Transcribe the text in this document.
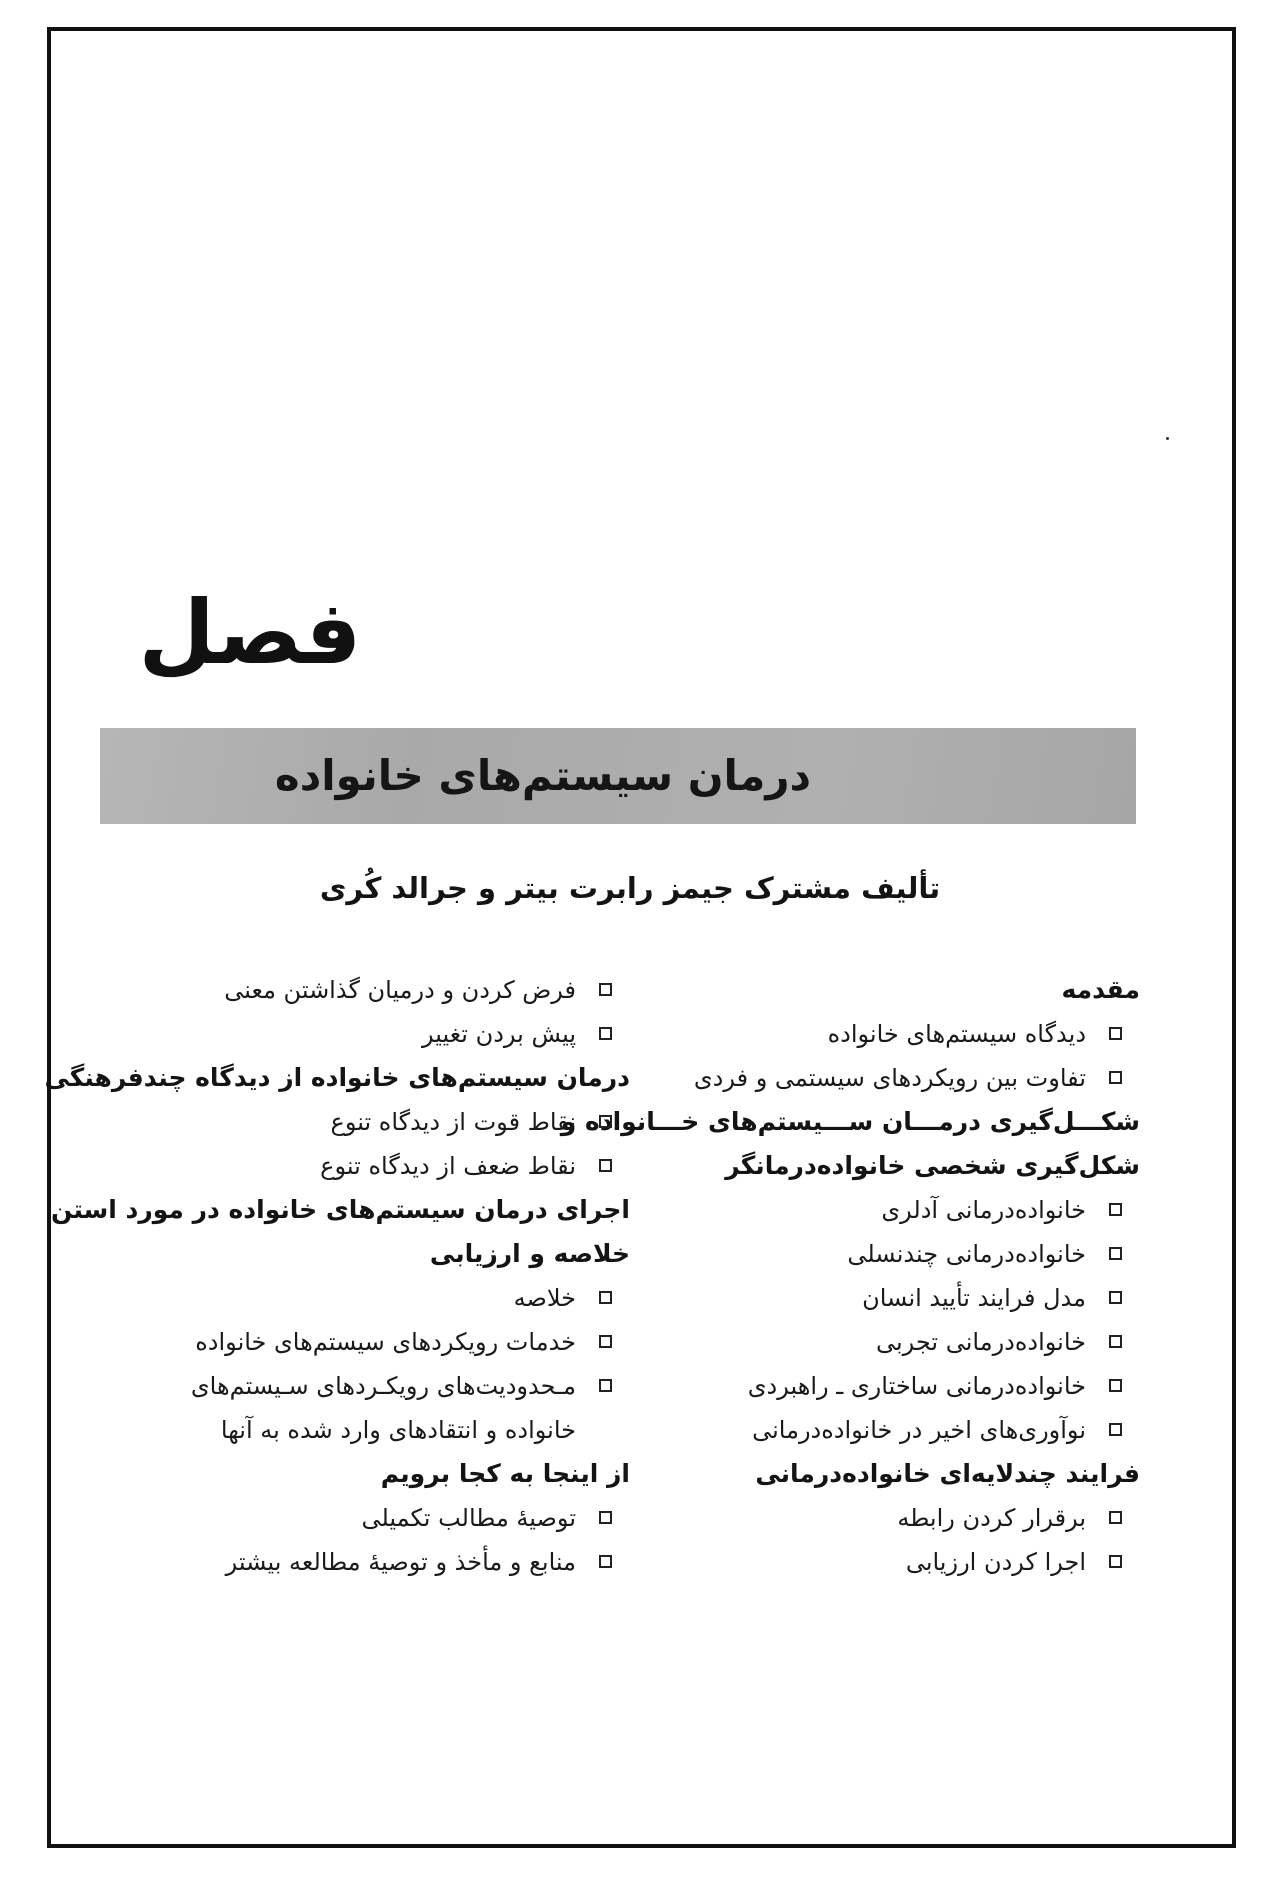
فصل
درمان سیستم‌های خانواده
تألیف مشترک جیمز رابرت بیتر و جرالد کُری
مقدمه
دیدگاه سیستم‌های خانواده
تفاوت بین رویکردهای سیستمی و فردی
شکـــل‌گیری درمـــان ســـیستم‌های خـــانواده و
شکل‌گیری شخصی خانواده‌درمانگر
خانواده‌درمانی آدلری
خانواده‌درمانی چندنسلی
مدل فرایند تأیید انسان
خانواده‌درمانی تجربی
خانواده‌درمانی ساختاری ـ راهبردی
نوآوری‌های اخیر در خانواده‌درمانی
فرایند چندلایه‌ای خانواده‌درمانی
برقرار کردن رابطه
اجرا کردن ارزیابی
فرض کردن و درمیان گذاشتن معنی
پیش بردن تغییر
درمان سیستم‌های خانواده از دیدگاه چندفرهنگی
نقاط قوت از دیدگاه تنوع
نقاط ضعف از دیدگاه تنوع
اجرای درمان سیستم‌های خانواده در مورد استن
خلاصه و ارزیابی
خلاصه
خدمات رویکردهای سیستم‌های خانواده
مـحدودیت‌های رویکـردهای سـیستم‌های
خانواده و انتقادهای وارد شده به آنها
از اینجا به کجا برویم
توصیهٔ مطالب تکمیلی
منابع و مأخذ و توصیهٔ مطالعه بیشتر
